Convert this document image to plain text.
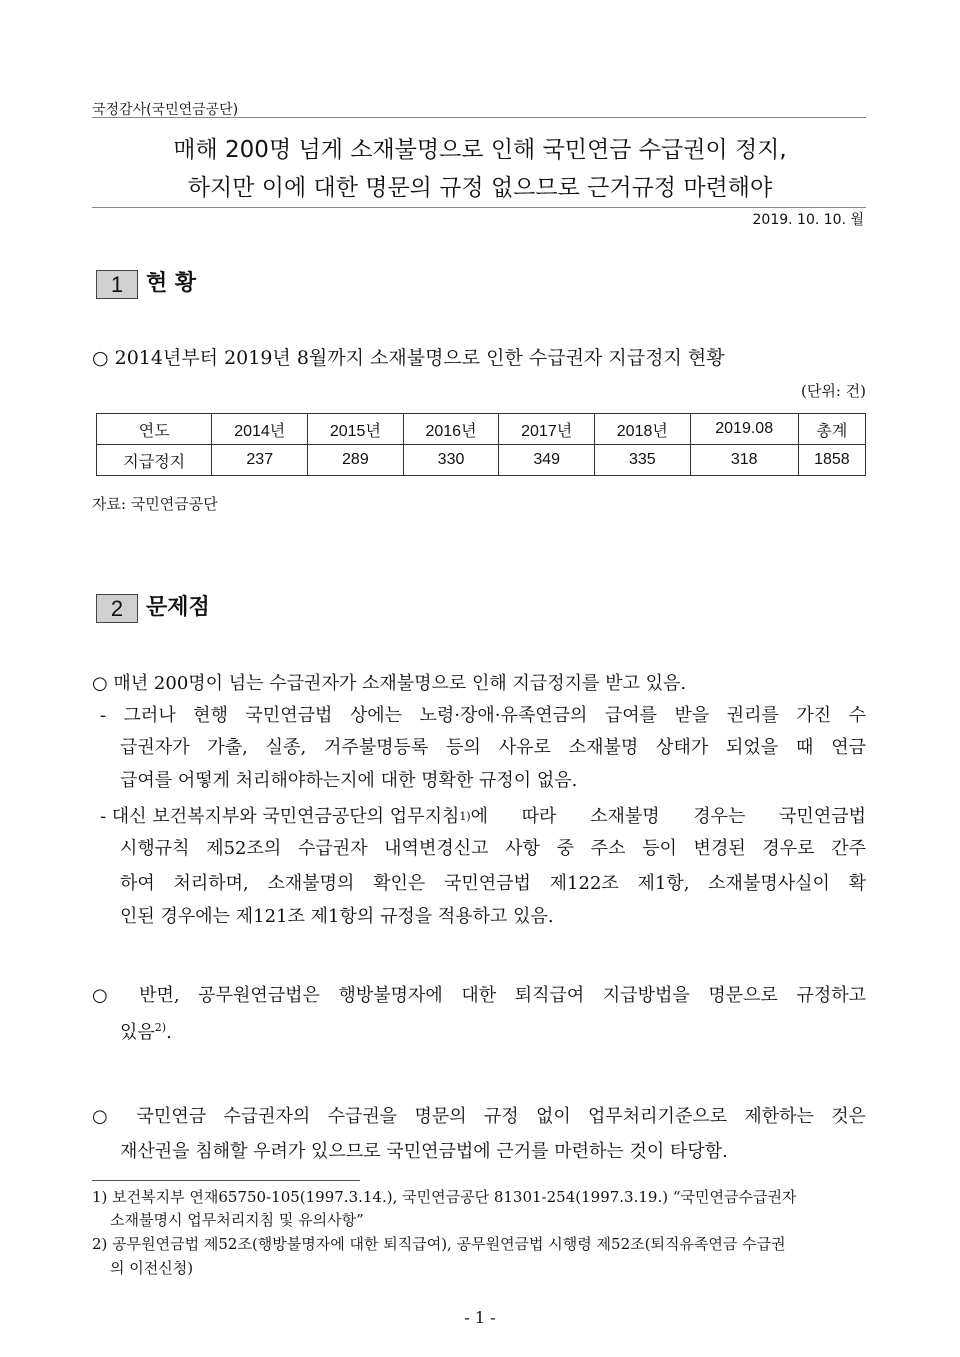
국정감사(국민연금공단)
매해 200명 넘게 소재불명으로 인해 국민연금 수급권이 정지,
하지만 이에 대한 명문의 규정 없으므로 근거규정 마련해야
2019. 10. 10. 월
1	현 황
○ 2014년부터 2019년 8월까지 소재불명으로 인한 수급권자 지급정지 현황
(단위: 건)
연도	2014년	2015년	2016년	2017년	2018년	2019.08	총계
지급정지	237	289	330	349	335	318	1858
자료: 국민연금공단
2	문제점
○ 매년 200명이 넘는 수급권자가 소재불명으로 인해 지급정지를 받고 있음.
- 그러나 현행 국민연금법 상에는 노령·장애·유족연금의 급여를 받을 권리를 가진 수
급권자가 가출, 실종, 거주불명등록 등의 사유로 소재불명 상태가 되었을 때 연금
급여를 어떻게 처리해야하는지에 대한 명확한 규정이 없음.
- 대신 보건복지부와 국민연금공단의 업무지침 1) 에 따라 소재불명 경우는 국민연금법
시행규칙 제52조의 수급권자 내역변경신고 사항 중 주소 등이 변경된 경우로 간주
하여 처리하며, 소재불명의 확인은 국민연금법 제122조 제1항, 소재불명사실이 확
인된 경우에는 제121조 제1항의 규정을 적용하고 있음.
○ 반면, 공무원연금법은 행방불명자에 대한 퇴직급여 지급방법을 명문으로 규정하고
있음$^{2)}$.
○ 국민연금 수급권자의 수급권을 명문의 규정 없이 업무처리기준으로 제한하는 것은
재산권을 침해할 우려가 있으므로 국민연금법에 근거를 마련하는 것이 타당함.
1) 보건복지부 연재65750-105(1997.3.14.), 국민연금공단 81301-254(1997.3.19.) “국민연금수급권자
소재불명시 업무처리지침 및 유의사항”
2) 공무원연금법 제52조(행방불명자에 대한 퇴직급여), 공무원연금법 시행령 제52조(퇴직유족연금 수급권
의 이전신청)
- 1 -
